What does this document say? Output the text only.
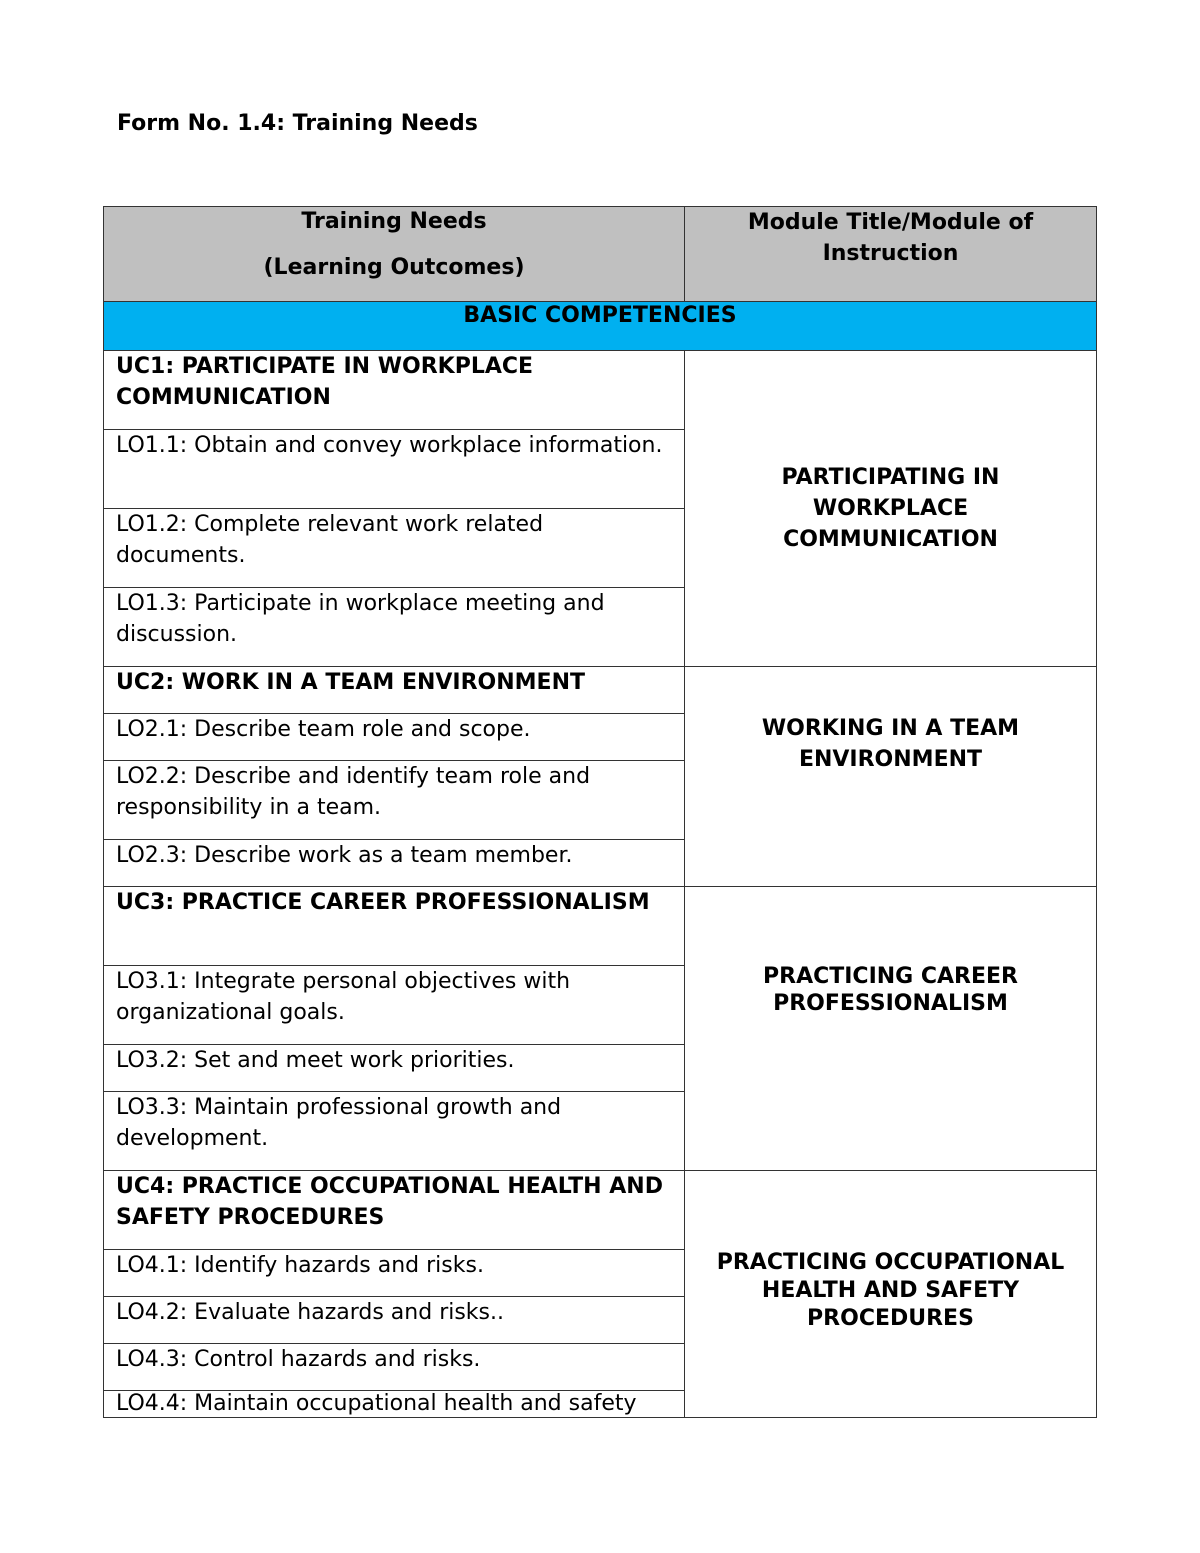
Form No. 1.4: Training Needs
Training Needs
(Learning Outcomes)	Module Title/Module of Instruction
BASIC COMPETENCIES	
UC1: PARTICIPATE IN WORKPLACE COMMUNICATION	PARTICIPATING IN WORKPLACE COMMUNICATION

LO1.1: Obtain and convey workplace information.	
LO1.2: Complete relevant work related documents.	
LO1.3: Participate in workplace meeting and discussion.	
UC2: WORK IN A TEAM ENVIRONMENT	WORKING IN A TEAM ENVIRONMENT

LO2.1: Describe team role and scope.	
LO2.2: Describe and identify team role and responsibility in a team.	
LO2.3: Describe work as a team member.	
UC3: PRACTICE CAREER PROFESSIONALISM	PRACTICING CAREER PROFESSIONALISM

LO3.1: Integrate personal objectives with organizational goals.	
LO3.2: Set and meet work priorities.	
LO3.3: Maintain professional growth and development.	
UC4: PRACTICE OCCUPATIONAL HEALTH AND SAFETY PROCEDURES	PRACTICING OCCUPATIONAL HEALTH AND SAFETY PROCEDURES

LO4.1: Identify hazards and risks.	
LO4.2: Evaluate hazards and risks..	
LO4.3: Control hazards and risks.	
LO4.4: Maintain occupational health and safety	
